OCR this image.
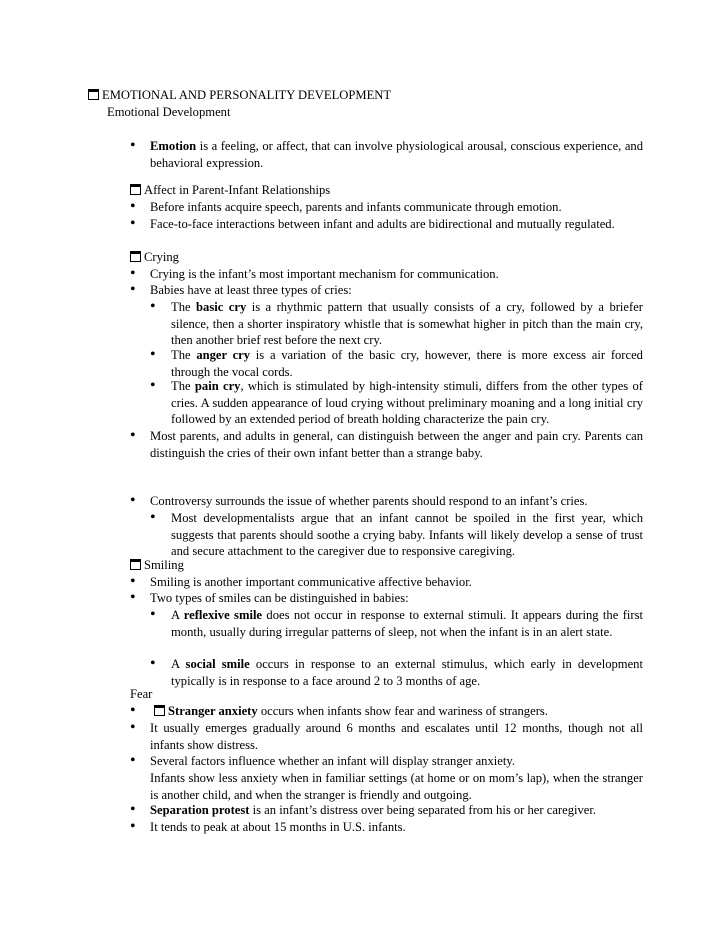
EMOTIONAL AND PERSONALITY DEVELOPMENT
Emotional Development
• Emotion is a feeling, or affect, that can involve physiological arousal, conscious experience, and behavioral expression.
Affect in Parent-Infant Relationships
• Before infants acquire speech, parents and infants communicate through emotion.
• Face-to-face interactions between infant and adults are bidirectional and mutually regulated.
Crying
• Crying is the infant’s most important mechanism for communication.
• Babies have at least three types of cries:
• The basic cry is a rhythmic pattern that usually consists of a cry, followed by a briefer silence, then a shorter inspiratory whistle that is somewhat higher in pitch than the main cry, then another brief rest before the next cry.
• The anger cry is a variation of the basic cry, however, there is more excess air forced through the vocal cords.
• The pain cry, which is stimulated by high-intensity stimuli, differs from the other types of cries. A sudden appearance of loud crying without preliminary moaning and a long initial cry followed by an extended period of breath holding characterize the pain cry.
• Most parents, and adults in general, can distinguish between the anger and pain cry. Parents can distinguish the cries of their own infant better than a strange baby.
• Controversy surrounds the issue of whether parents should respond to an infant’s cries.
• Most developmentalists argue that an infant cannot be spoiled in the first year, which suggests that parents should soothe a crying baby. Infants will likely develop a sense of trust and secure attachment to the caregiver due to responsive caregiving.
Smiling
• Smiling is another important communicative affective behavior.
• Two types of smiles can be distinguished in babies:
• A reflexive smile does not occur in response to external stimuli. It appears during the first month, usually during irregular patterns of sleep, not when the infant is in an alert state.
• A social smile occurs in response to an external stimulus, which early in development typically is in response to a face around 2 to 3 months of age.
Fear
•	Stranger anxiety occurs when infants show fear and wariness of strangers.
• It usually emerges gradually around 6 months and escalates until 12 months, though not all infants show distress.
• Several factors influence whether an infant will display stranger anxiety.
Infants show less anxiety when in familiar settings (at home or on mom’s lap), when the stranger is another child, and when the stranger is friendly and outgoing.
• Separation protest is an infant’s distress over being separated from his or her caregiver.
• It tends to peak at about 15 months in U.S. infants.
